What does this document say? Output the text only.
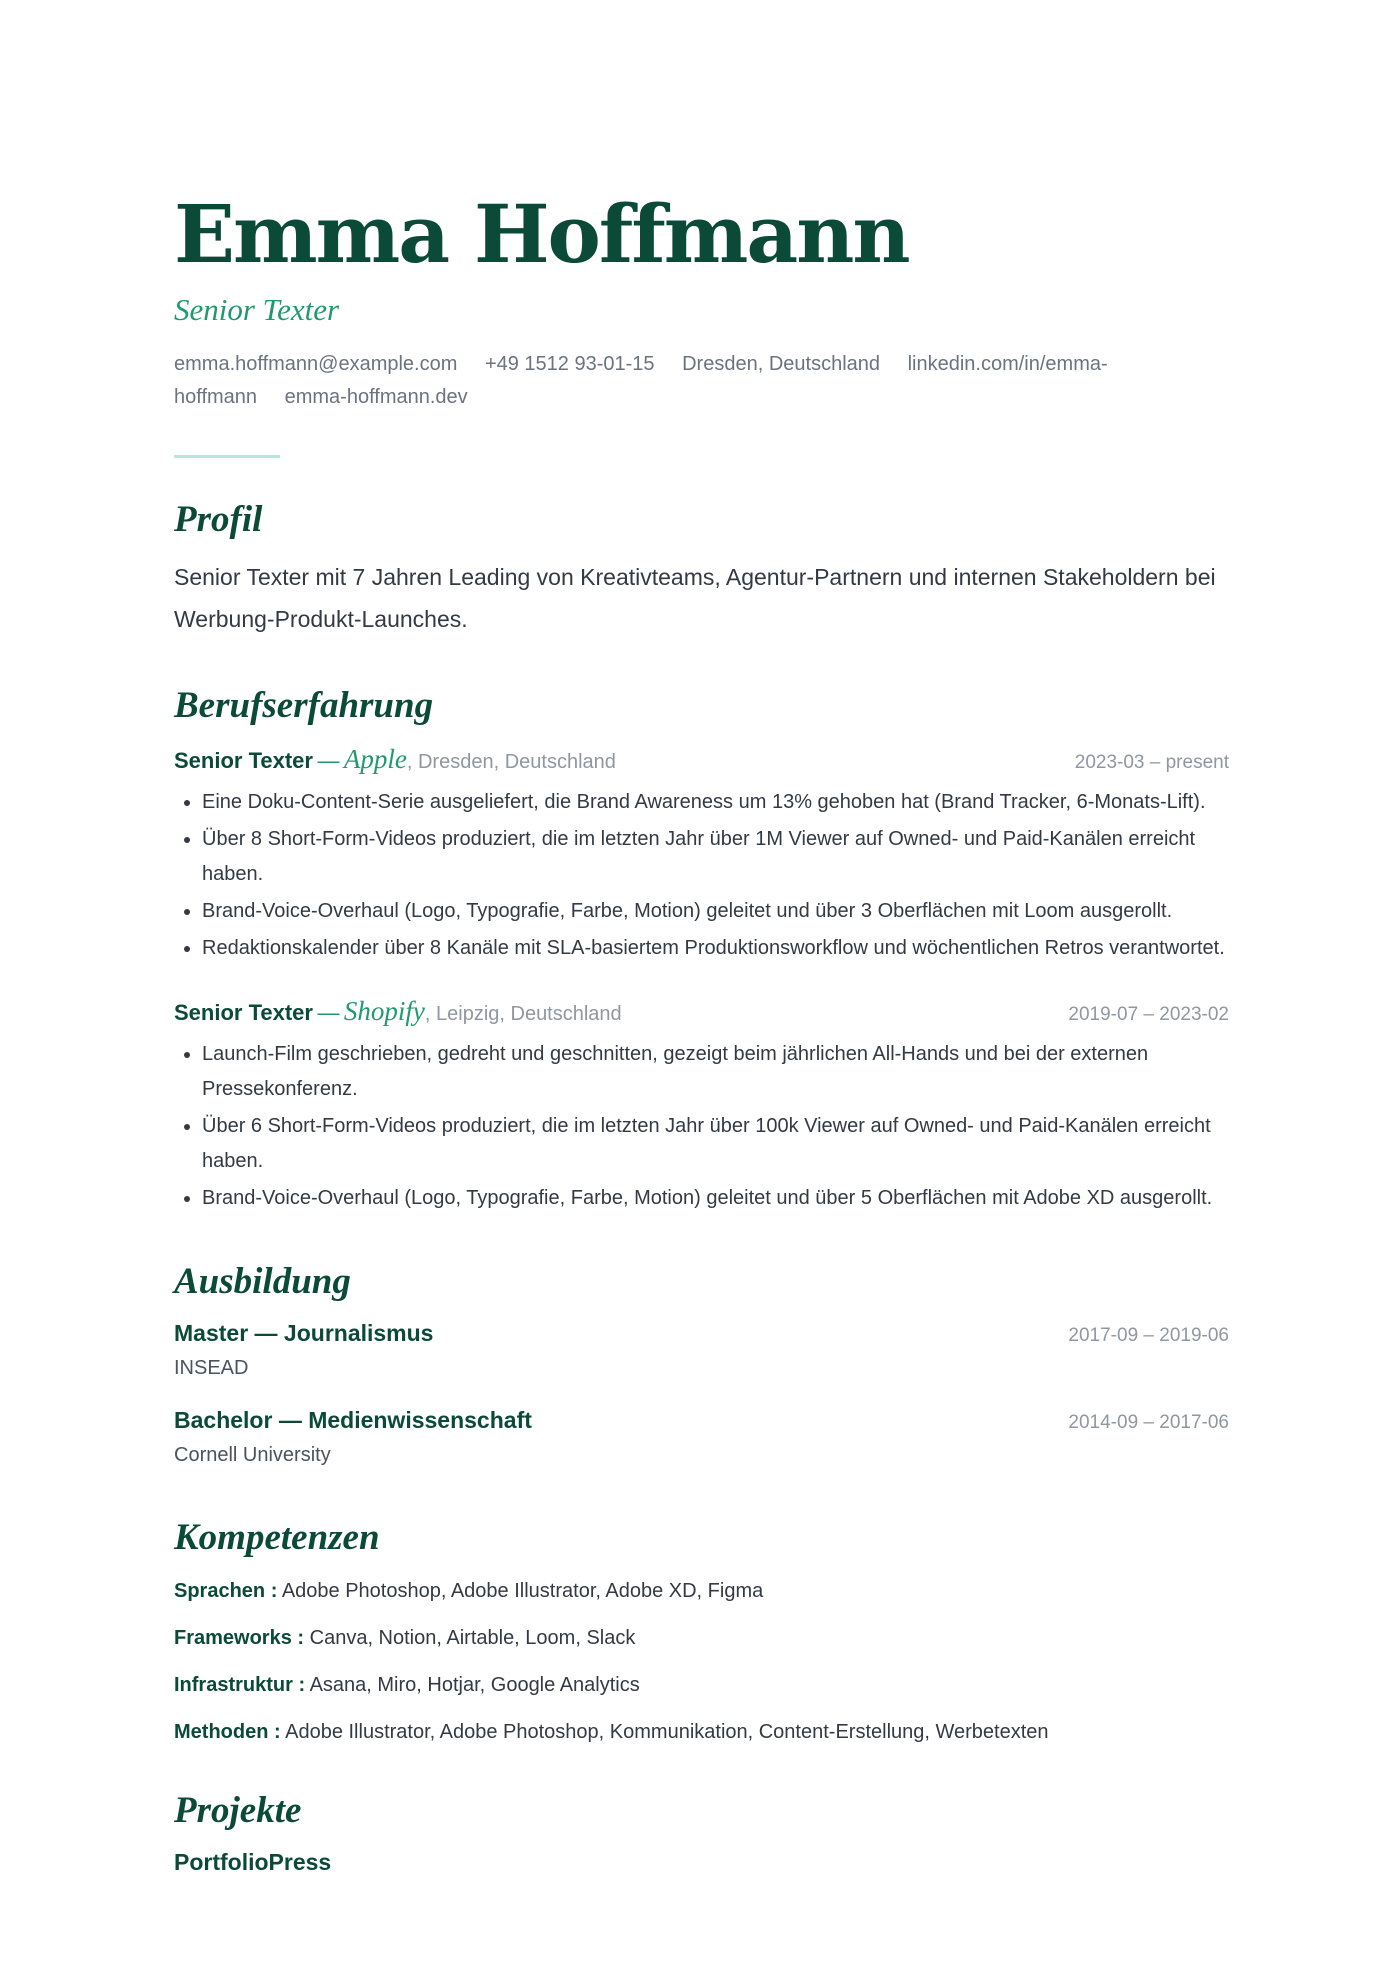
Emma Hoffmann
Senior Texter
emma.hoffmann@example.com +49 1512 93-01-15 Dresden, Deutschland linkedin.com/in/emma-hoffmann emma-hoffmann.dev
Profil
Senior Texter mit 7 Jahren Leading von Kreativteams, Agentur-Partnern und internen Stakeholdern bei Werbung-Produkt-Launches.
Berufserfahrung
Senior Texter — Apple, Dresden, Deutschland	2023-03 – present
• Eine Doku-Content-Serie ausgeliefert, die Brand Awareness um 13% gehoben hat (Brand Tracker, 6-Monats-Lift).
• Über 8 Short-Form-Videos produziert, die im letzten Jahr über 1M Viewer auf Owned- und Paid-Kanälen erreicht haben.
• Brand-Voice-Overhaul (Logo, Typografie, Farbe, Motion) geleitet und über 3 Oberflächen mit Loom ausgerollt.
• Redaktionskalender über 8 Kanäle mit SLA-basiertem Produktionsworkflow und wöchentlichen Retros verantwortet.
Senior Texter — Shopify, Leipzig, Deutschland	2019-07 – 2023-02
• Launch-Film geschrieben, gedreht und geschnitten, gezeigt beim jährlichen All-Hands und bei der externen Pressekonferenz.
• Über 6 Short-Form-Videos produziert, die im letzten Jahr über 100k Viewer auf Owned- und Paid-Kanälen erreicht haben.
• Brand-Voice-Overhaul (Logo, Typografie, Farbe, Motion) geleitet und über 5 Oberflächen mit Adobe XD ausgerollt.
Ausbildung
Master — Journalismus	2017-09 – 2019-06
INSEAD
Bachelor — Medienwissenschaft	2014-09 – 2017-06
Cornell University
Kompetenzen
Sprachen : Adobe Photoshop, Adobe Illustrator, Adobe XD, Figma
Frameworks : Canva, Notion, Airtable, Loom, Slack
Infrastruktur : Asana, Miro, Hotjar, Google Analytics
Methoden : Adobe Illustrator, Adobe Photoshop, Kommunikation, Content-Erstellung, Werbetexten
Projekte
PortfolioPress
